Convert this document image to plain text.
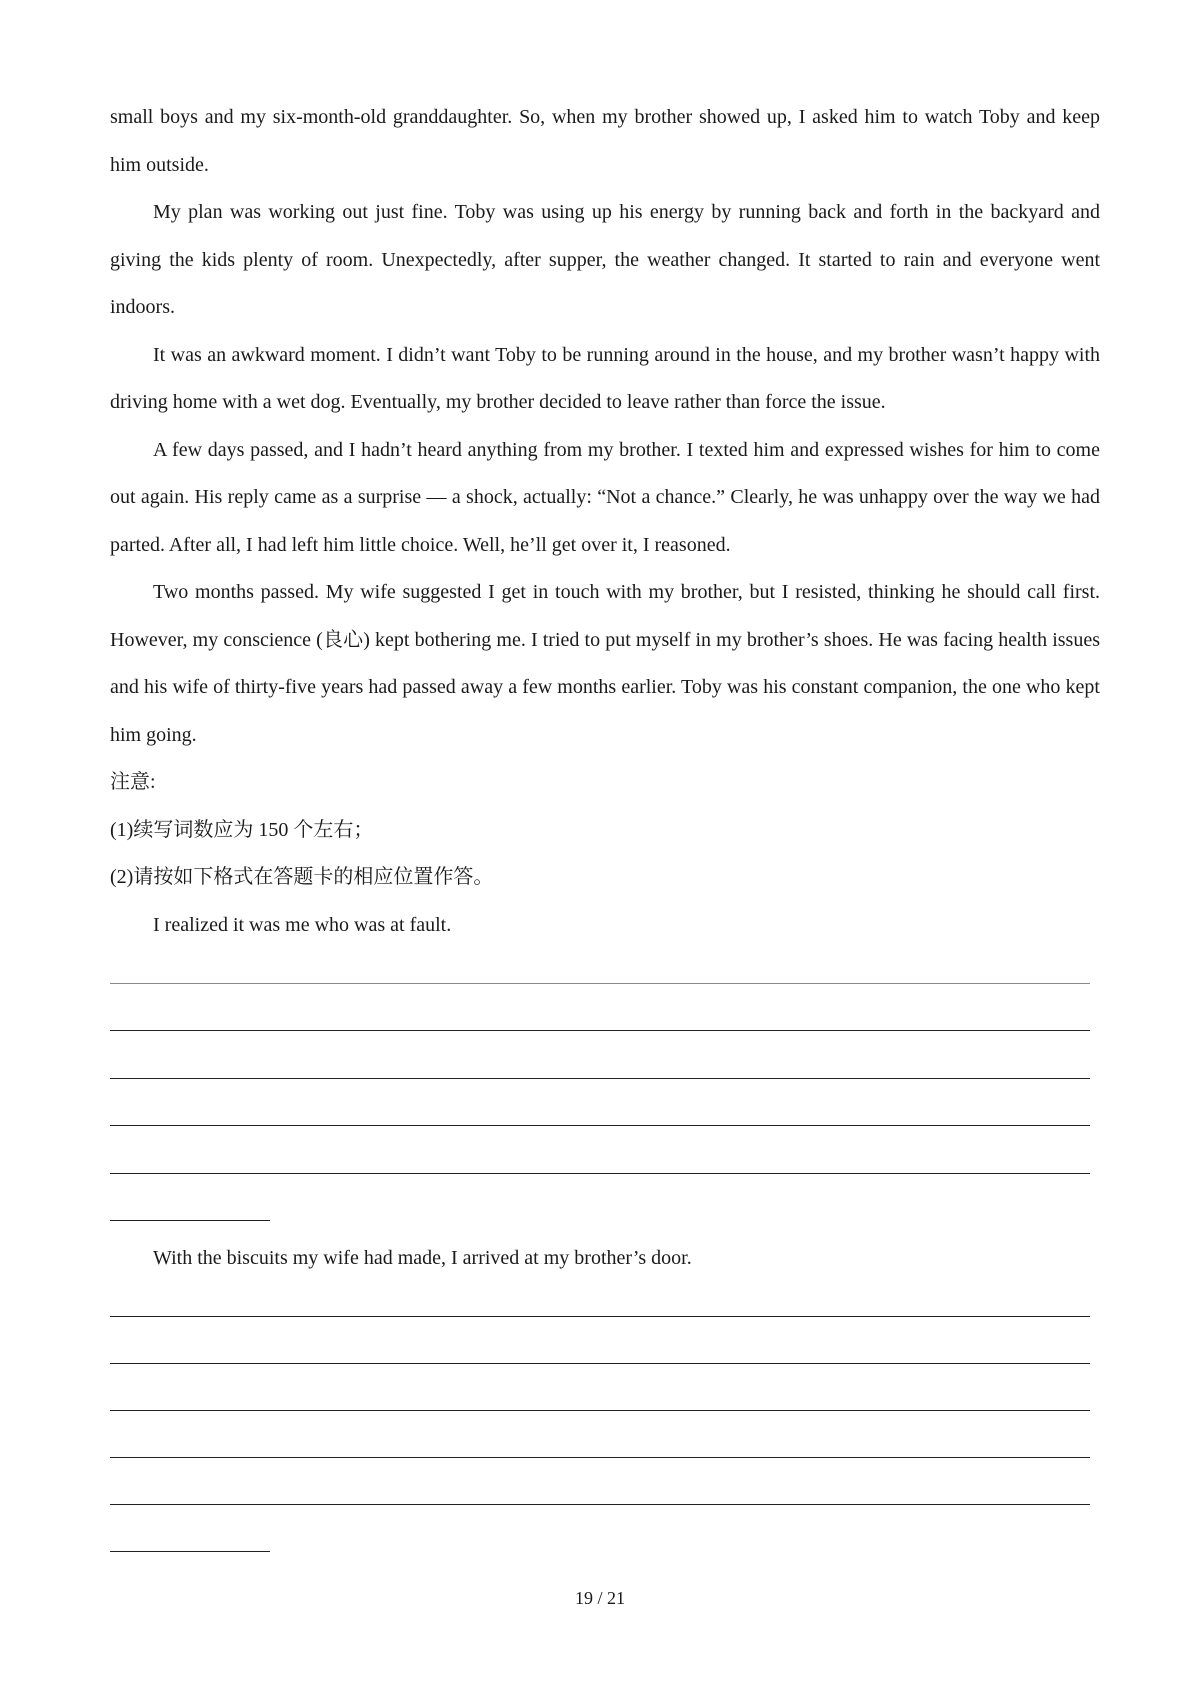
small boys and my six-month-old granddaughter. So, when my brother showed up, I asked him to watch Toby and keep him outside.

My plan was working out just fine. Toby was using up his energy by running back and forth in the backyard and giving the kids plenty of room. Unexpectedly, after supper, the weather changed. It started to rain and everyone went indoors.

It was an awkward moment. I didn’t want Toby to be running around in the house, and my brother wasn’t happy with driving home with a wet dog. Eventually, my brother decided to leave rather than force the issue.

A few days passed, and I hadn’t heard anything from my brother. I texted him and expressed wishes for him to come out again. His reply came as a surprise — a shock, actually: “Not a chance.” Clearly, he was unhappy over the way we had parted. After all, I had left him little choice. Well, he’ll get over it, I reasoned.

Two months passed. My wife suggested I get in touch with my brother, but I resisted, thinking he should call first. However, my conscience (良心) kept bothering me. I tried to put myself in my brother’s shoes. He was facing health issues and his wife of thirty-five years had passed away a few months earlier. Toby was his constant companion, the one who kept him going.

注意:

(1)续写词数应为 150 个左右；

(2)请按如下格式在答题卡的相应位置作答。

I realized it was me who was at fault.
With the biscuits my wife had made, I arrived at my brother’s door.
19 / 21
